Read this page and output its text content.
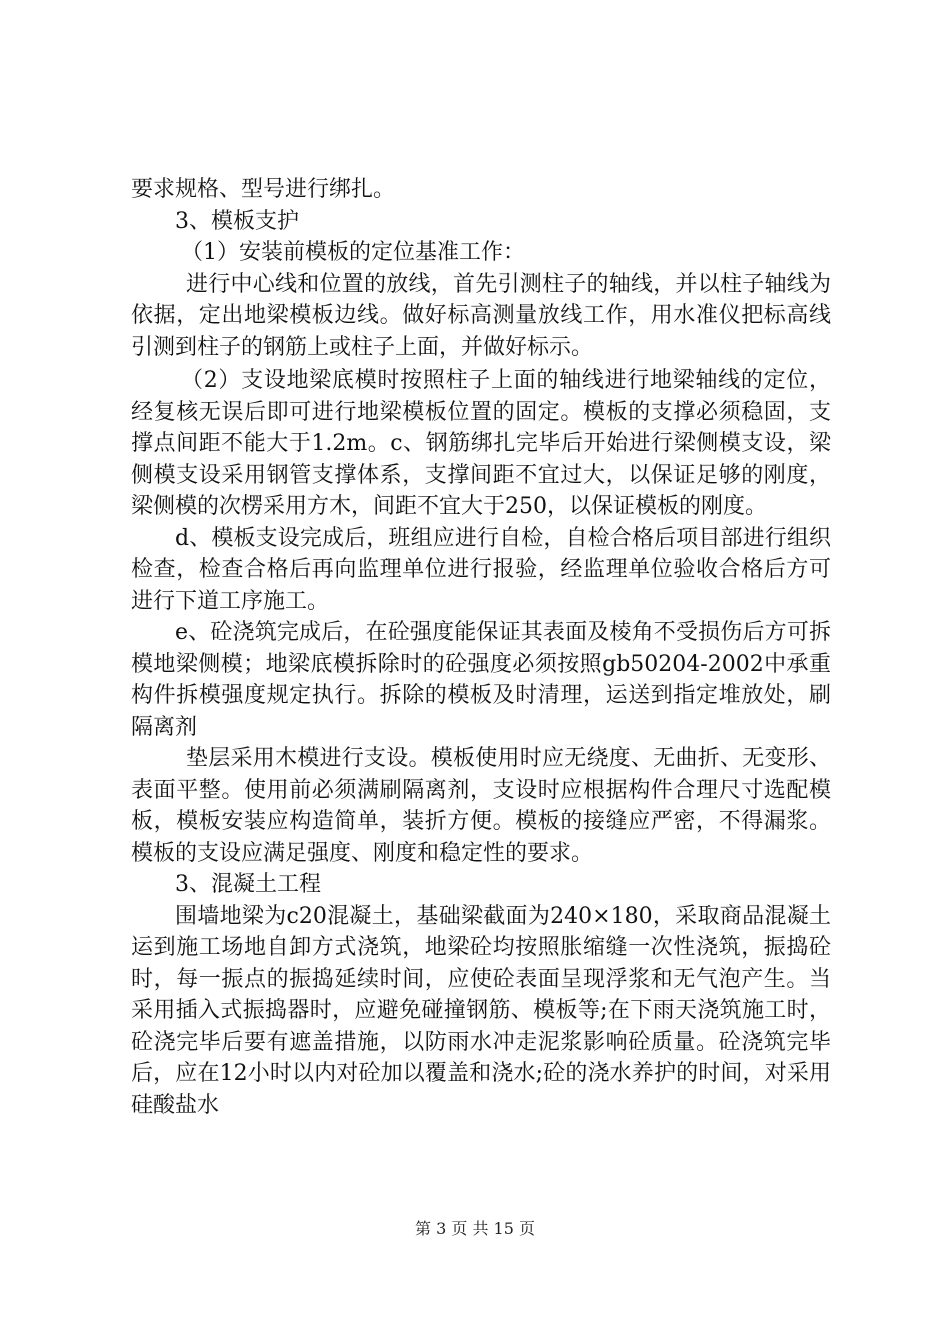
要求规格、型号进行绑扎。

3、模板支护

（1）安装前模板的定位基准工作：

进行中心线和位置的放线，首先引测柱子的轴线，并以柱子轴线为依据，定出地梁模板边线。做好标高测量放线工作，用水准仪把标高线引测到柱子的钢筋上或柱子上面，并做好标示。

（2）支设地梁底模时按照柱子上面的轴线进行地梁轴线的定位，经复核无误后即可进行地梁模板位置的固定。模板的支撑必须稳固，支撑点间距不能大于1.2m。c、钢筋绑扎完毕后开始进行梁侧模支设，梁侧模支设采用钢管支撑体系，支撑间距不宜过大，以保证足够的刚度，梁侧模的次楞采用方木，间距不宜大于250，以保证模板的刚度。

d、模板支设完成后，班组应进行自检，自检合格后项目部进行组织检查，检查合格后再向监理单位进行报验，经监理单位验收合格后方可进行下道工序施工。

e、砼浇筑完成后，在砼强度能保证其表面及棱角不受损伤后方可拆模地梁侧模；地梁底模拆除时的砼强度必须按照gb50204-2002中承重构件拆模强度规定执行。拆除的模板及时清理，运送到指定堆放处，刷隔离剂

垫层采用木模进行支设。模板使用时应无绕度、无曲折、无变形、表面平整。使用前必须满刷隔离剂，支设时应根据构件合理尺寸选配模板，模板安装应构造简单，装折方便。模板的接缝应严密，不得漏浆。模板的支设应满足强度、刚度和稳定性的要求。

3、混凝土工程

围墙地梁为c20混凝土，基础梁截面为240×180，采取商品混凝土运到施工场地自卸方式浇筑，地梁砼均按照胀缩缝一次性浇筑，振捣砼时，每一振点的振捣延续时间，应使砼表面呈现浮浆和无气泡产生。当采用插入式振捣器时，应避免碰撞钢筋、模板等;在下雨天浇筑施工时，砼浇完毕后要有遮盖措施，以防雨水冲走泥浆影响砼质量。砼浇筑完毕后，应在12小时以内对砼加以覆盖和浇水;砼的浇水养护的时间，对采用硅酸盐水

第 3 页 共 15 页
